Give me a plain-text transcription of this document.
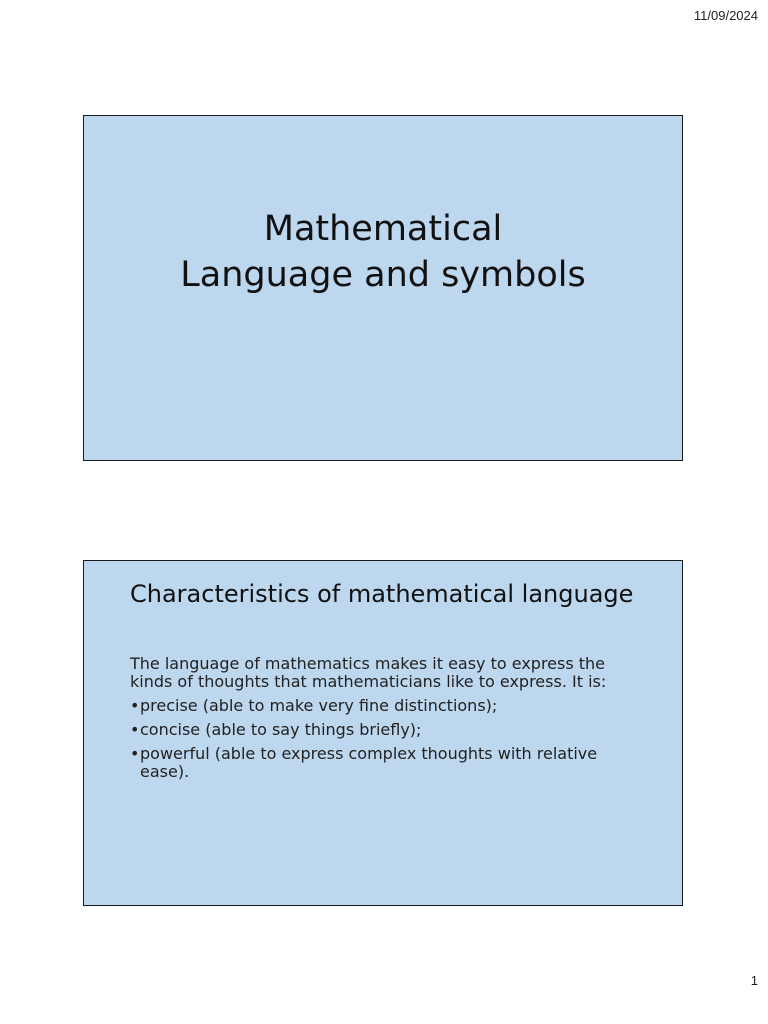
11/09/2024
Mathematical
Language and symbols
Characteristics of mathematical language

The language of mathematics makes it easy to express the kinds of thoughts that mathematicians like to express. It is:

• precise (able to make very fine distinctions);
• concise (able to say things briefly);
• powerful (able to express complex thoughts with relative ease).
1
